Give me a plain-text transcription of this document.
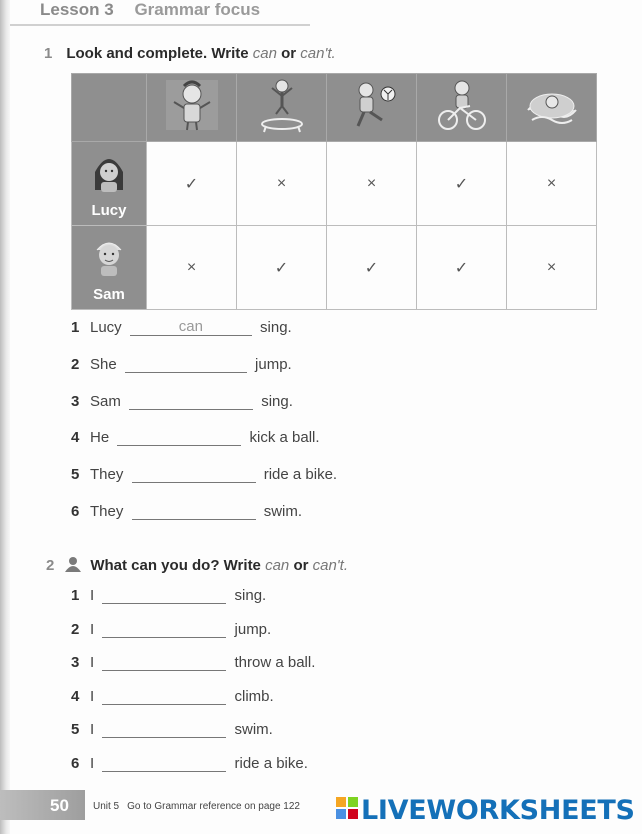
Lesson 3 Grammar focus
1 Look and complete. Write can or can't.

Lucy	✓	×	×	✓	×

Sam	×	✓	✓	✓	×
1 Lucy	can	sing.
2 She	jump.
3 Sam	sing.
4 He	kick a ball.
5 They	ride a bike.
6 They	swim.
2 What can you do? Write can or can't.
1 I	sing.
2 I	jump.
3 I	throw a ball.
4 I	climb.
5 I	swim.
6 I	ride a bike.
50 Unit 5 Go to Grammar reference on page 122 LIVEWORKSHEETS
